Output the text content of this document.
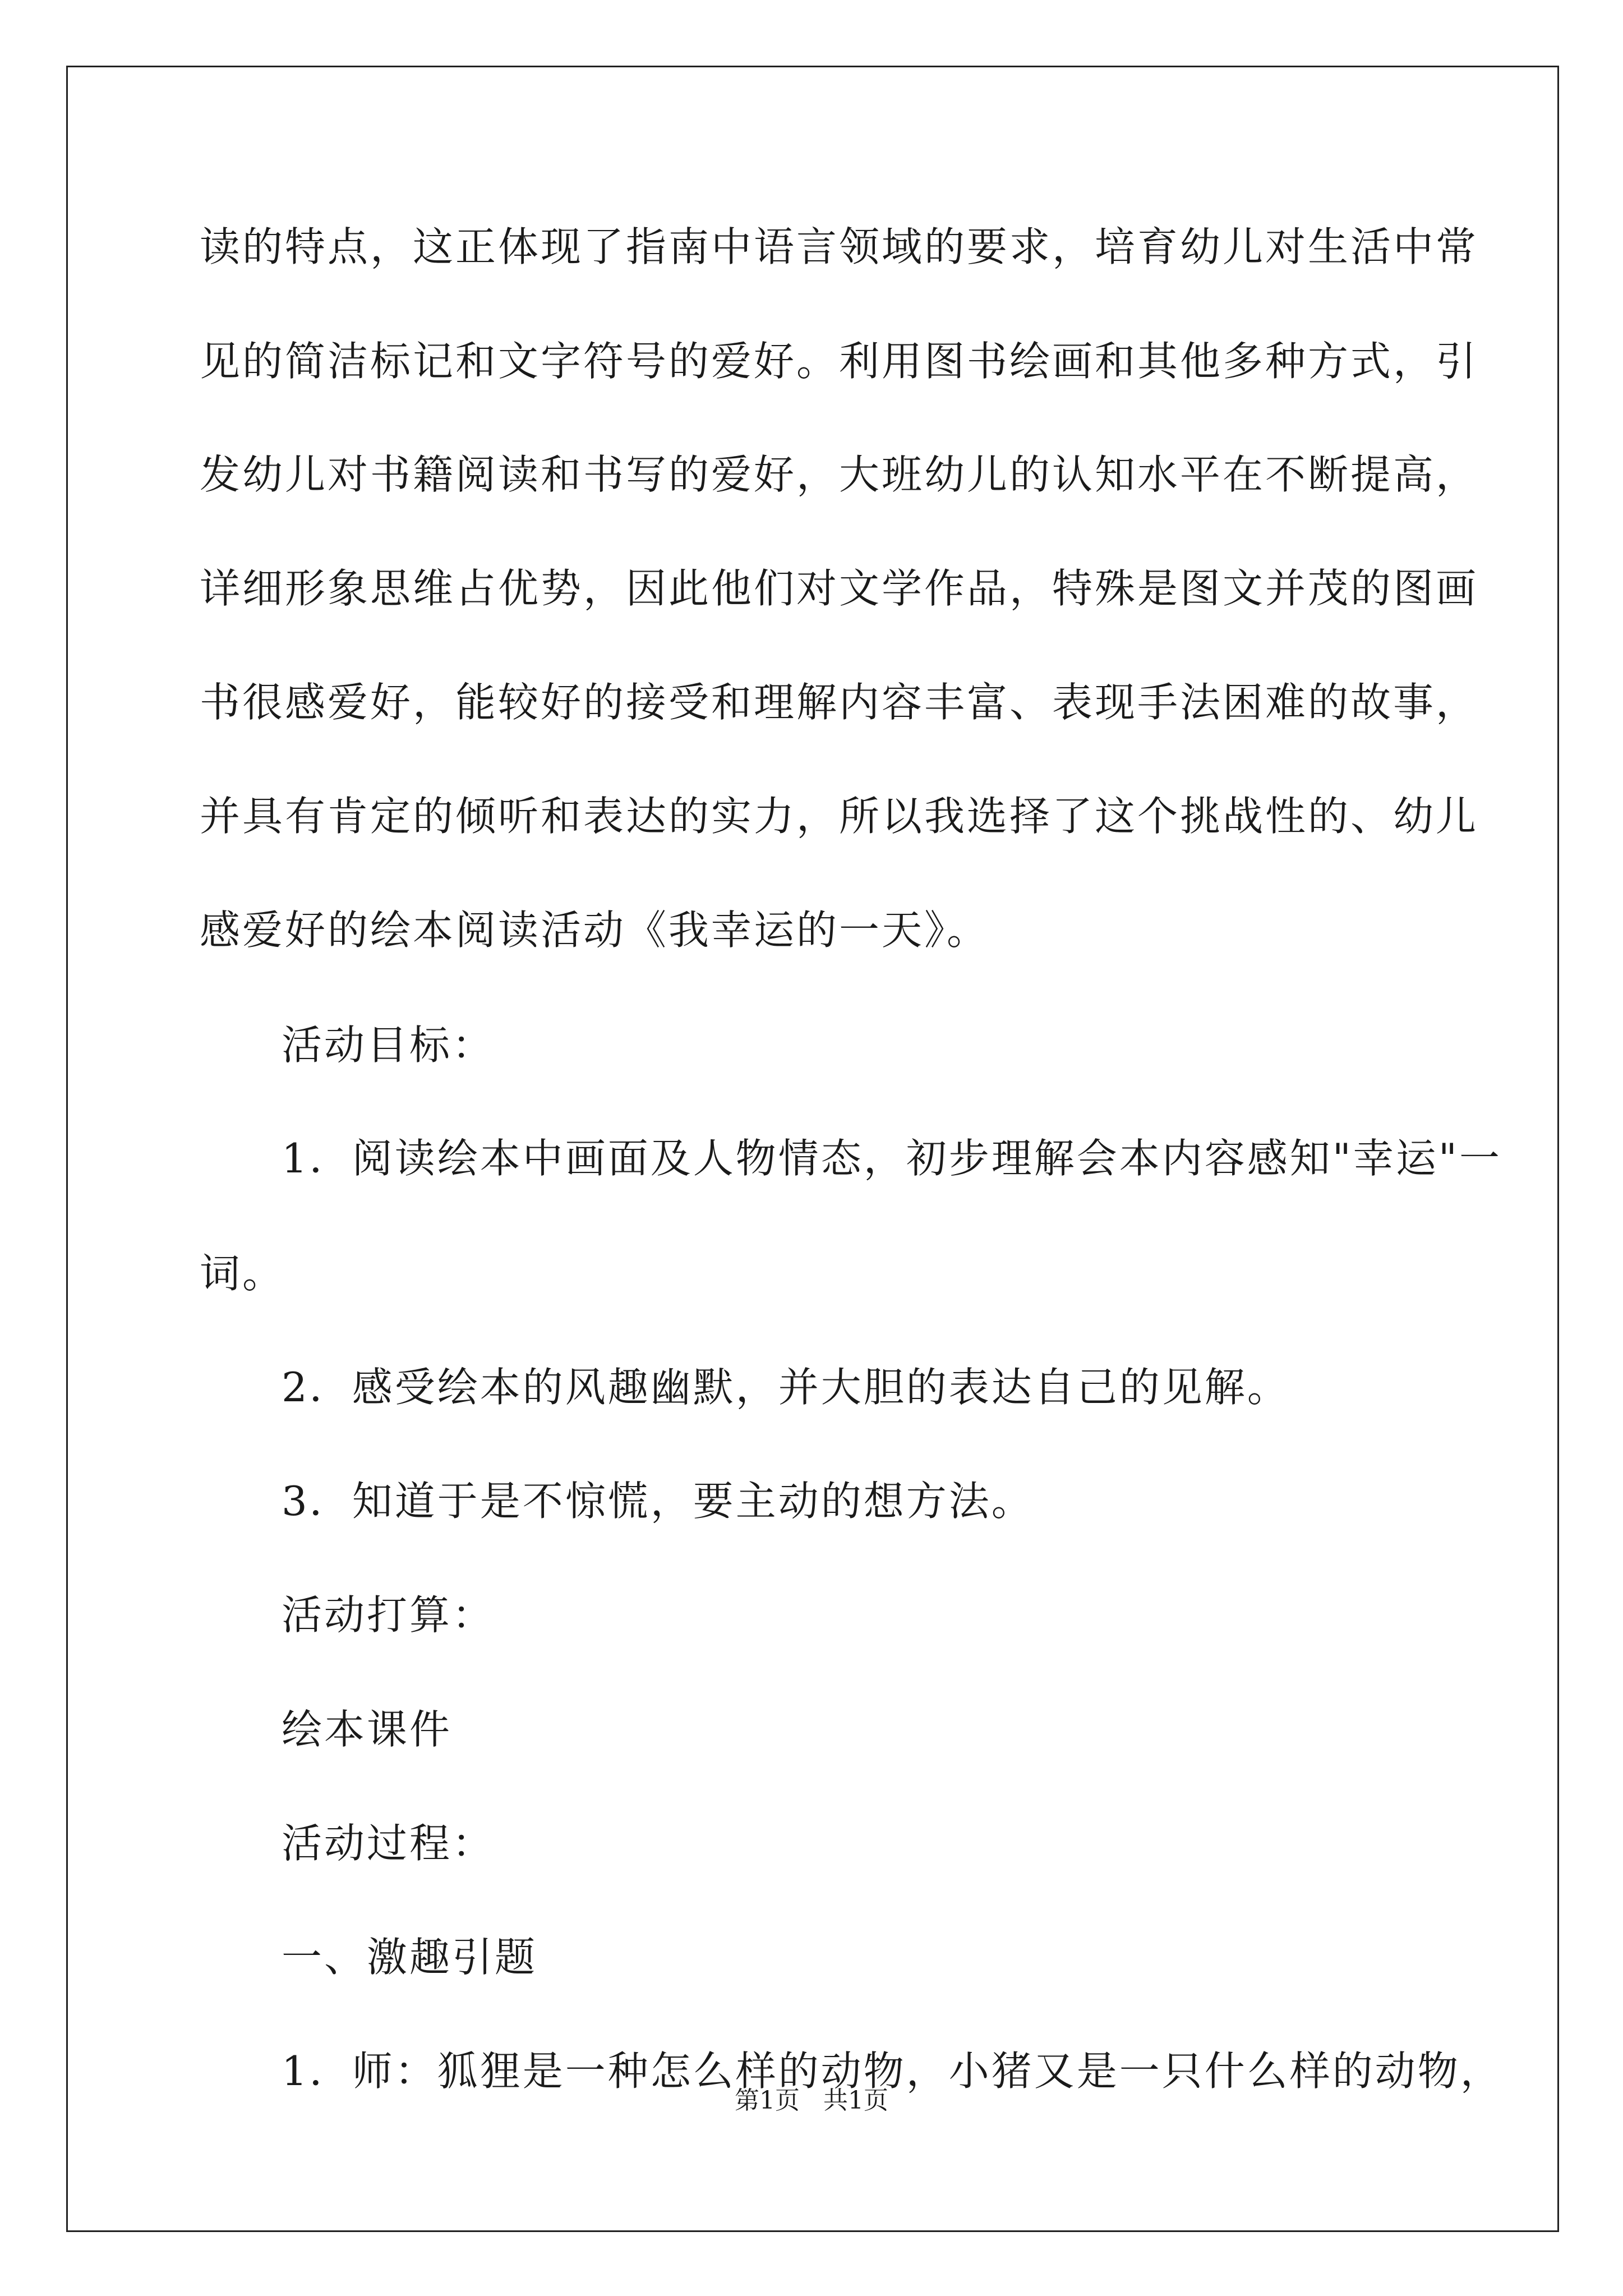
读的特点，这正体现了指南中语言领域的要求，培育幼儿对生活中常
见的简洁标记和文字符号的爱好。利用图书绘画和其他多种方式，引
发幼儿对书籍阅读和书写的爱好，大班幼儿的认知水平在不断提高，
详细形象思维占优势，因此他们对文学作品，特殊是图文并茂的图画
书很感爱好，能较好的接受和理解内容丰富、表现手法困难的故事，
并具有肯定的倾听和表达的实力，所以我选择了这个挑战性的、幼儿
感爱好的绘本阅读活动《我幸运的一天》。
活动目标：
1．阅读绘本中画面及人物情态，初步理解会本内容感知"幸运"一
词。
2．感受绘本的风趣幽默，并大胆的表达自己的见解。
3．知道于是不惊慌，要主动的想方法。
活动打算：
绘本课件
活动过程：
一、激趣引题
1．师：狐狸是一种怎么样的动物，小猪又是一只什么样的动物，
第1页 共1页
